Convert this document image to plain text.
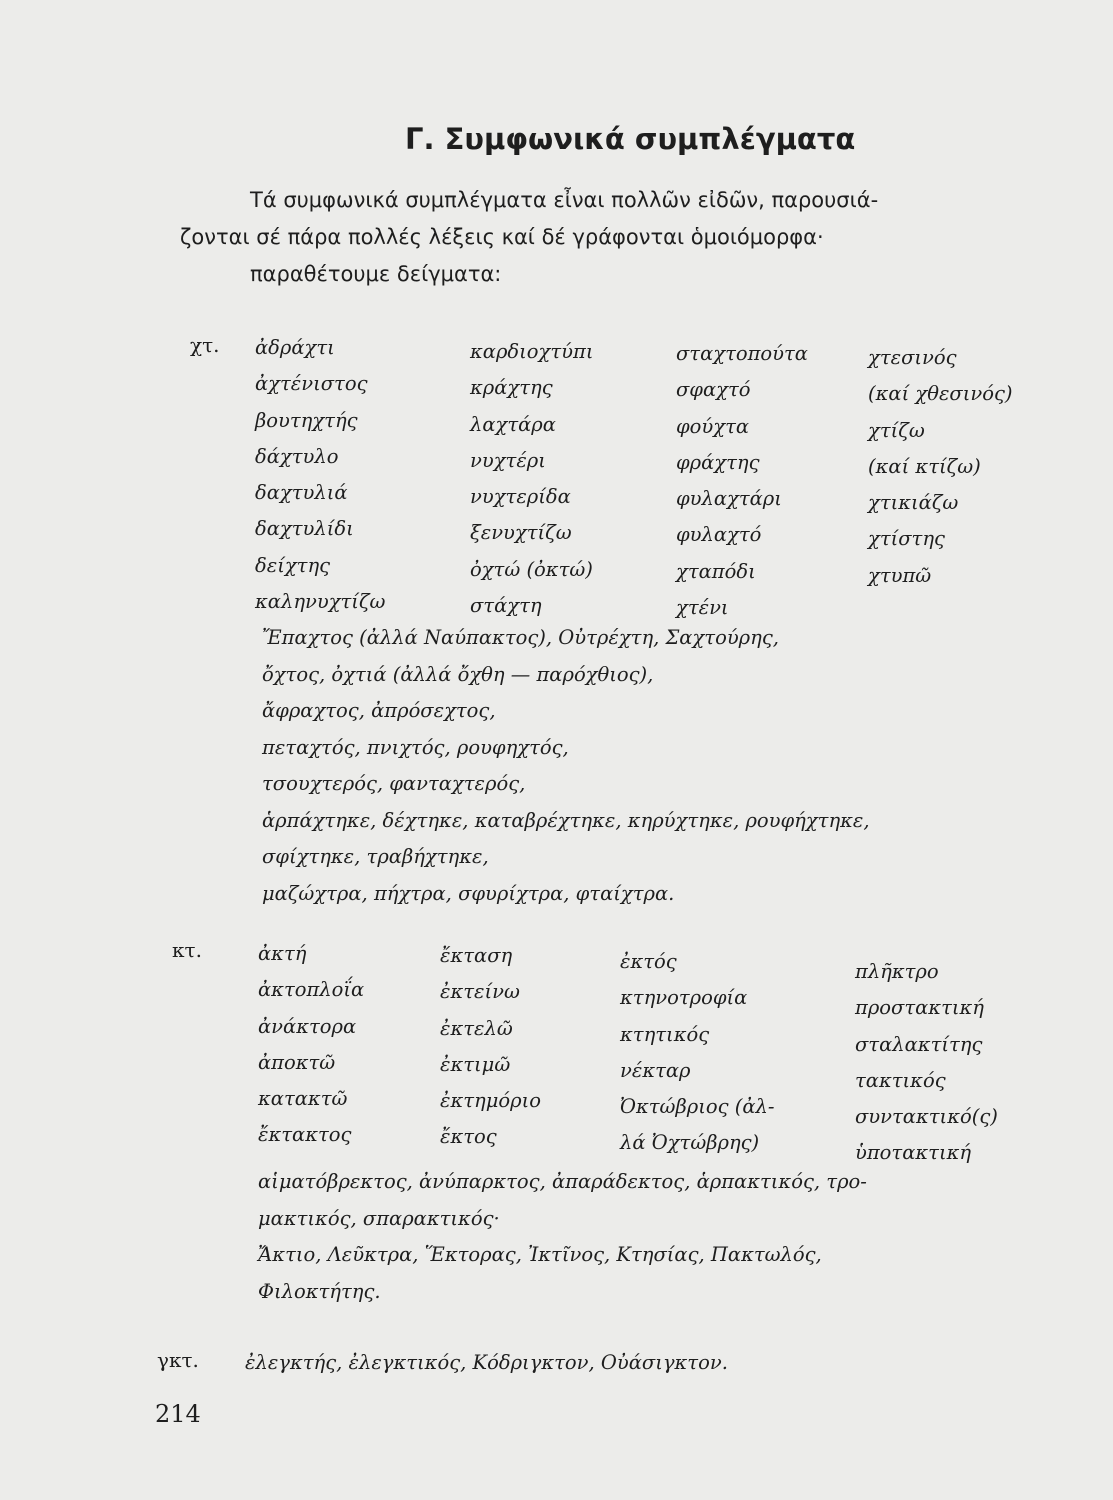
Γ. Συμφωνικά συμπλέγματα
Τά συμφωνικά συμπλέγματα εἶναι πολλῶν εἰδῶν, παρουσιά-
ζονται σέ πάρα πολλές λέξεις καί δέ γράφονται ὁμοιόμορφα·
παραθέτουμε δείγματα:
χτ. ἀδράχτι
ἀχτένιστος
βουτηχτής
δάχτυλο
δαχτυλιά
δαχτυλίδι
δείχτης
καληνυχτίζω
καρδιοχτύπι
κράχτης
λαχτάρα
νυχτέρι
νυχτερίδα
ξενυχτίζω
ὀχτώ (ὀκτώ)
στάχτη
σταχτοπούτα
σφαχτό
φούχτα
φράχτης
φυλαχτάρι
φυλαχτό
χταπόδι
χτένι
χτεσινός
(καί χθεσινός)
χτίζω
(καί κτίζω)
χτικιάζω
χτίστης
χτυπῶ
Ἔπαχτος (ἀλλά Ναύπακτος), Οὐτρέχτη, Σαχτούρης,
ὄχτος, ὀχτιά (ἀλλά ὄχθη — παρόχθιος),
ἄφραχτος, ἀπρόσεχτος,
πεταχτός, πνιχτός, ρουφηχτός,
τσουχτερός, φανταχτερός,
ἁρπάχτηκε, δέχτηκε, καταβρέχτηκε, κηρύχτηκε, ρουφήχτηκε,
σφίχτηκε, τραβήχτηκε,
μαζώχτρα, πήχτρα, σφυρίχτρα, φταίχτρα.
κτ.	ἀκτή
ἀκτοπλοΐα
ἀνάκτορα
ἀποκτῶ
κατακτῶ
ἔκτακτος
ἔκταση
ἐκτείνω
ἐκτελῶ
ἐκτιμῶ
ἐκτημόριο
ἔκτος
ἐκτός
κτηνοτροφία
κτητικός
νέκταρ
Ὀκτώβριος (ἀλ-
λά Ὀχτώβρης)
πλῆκτρο
προστακτική
σταλακτίτης
τακτικός
συντακτικό(ς)
ὑποτακτική
αἱματόβρεκτος, ἀνύπαρκτος, ἀπαράδεκτος, ἁρπακτικός, τρο-
μακτικός, σπαρακτικός·
Ἄκτιο, Λεῦκτρα, Ἕκτορας, Ἰκτῖνος, Κτησίας, Πακτωλός,
Φιλοκτήτης.
γκτ. ἐλεγκτής, ἐλεγκτικός, Κόδριγκτον, Οὐάσιγκτον.
214
